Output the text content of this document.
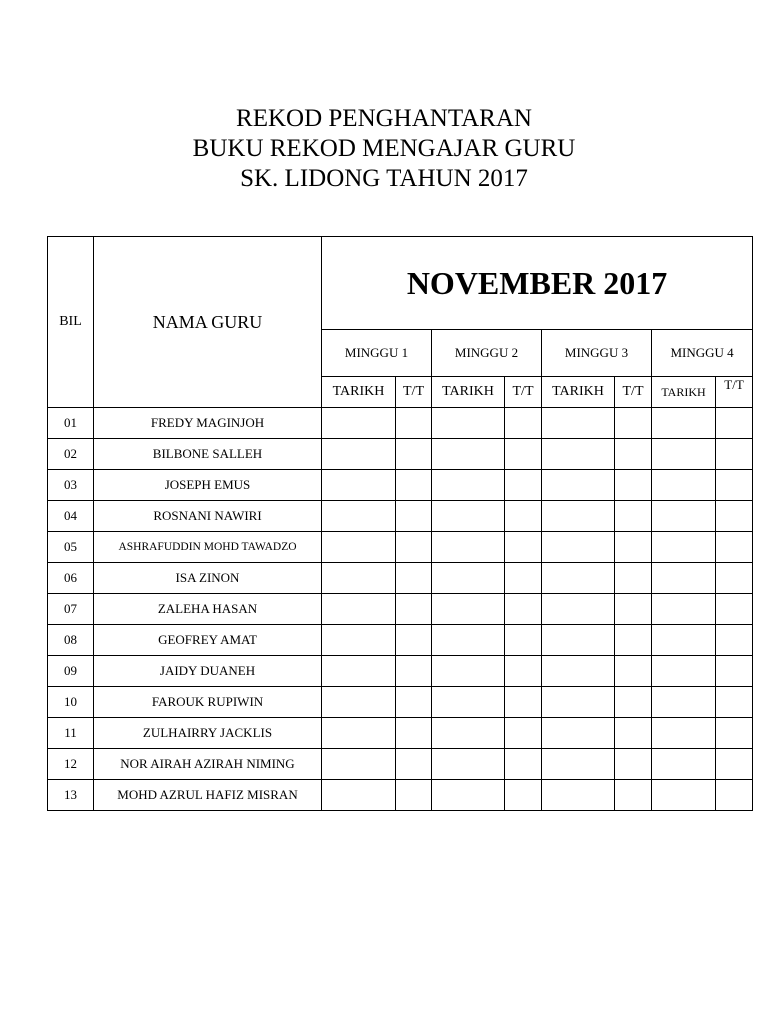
REKOD PENGHANTARAN
BUKU REKOD MENGAJAR GURU
SK. LIDONG TAHUN 2017
BIL	NAMA GURU	NOVEMBER 2017							
		MINGGU 1		MINGGU 2		MINGGU 3		MINGGU 4	
		TARIKH	T/T	TARIKH	T/T	TARIKH	T/T	TARIKH	T/T
01	FREDY MAGINJOH								
02	BILBONE SALLEH								
03	JOSEPH EMUS								
04	ROSNANI NAWIRI								
05	ASHRAFUDDIN MOHD TAWADZO								
06	ISA ZINON								
07	ZALEHA HASAN								
08	GEOFREY AMAT								
09	JAIDY DUANEH								
10	FAROUK RUPIWIN								
11	ZULHAIRRY JACKLIS								
12	NOR AIRAH AZIRAH NIMING								
13	MOHD AZRUL HAFIZ MISRAN								
